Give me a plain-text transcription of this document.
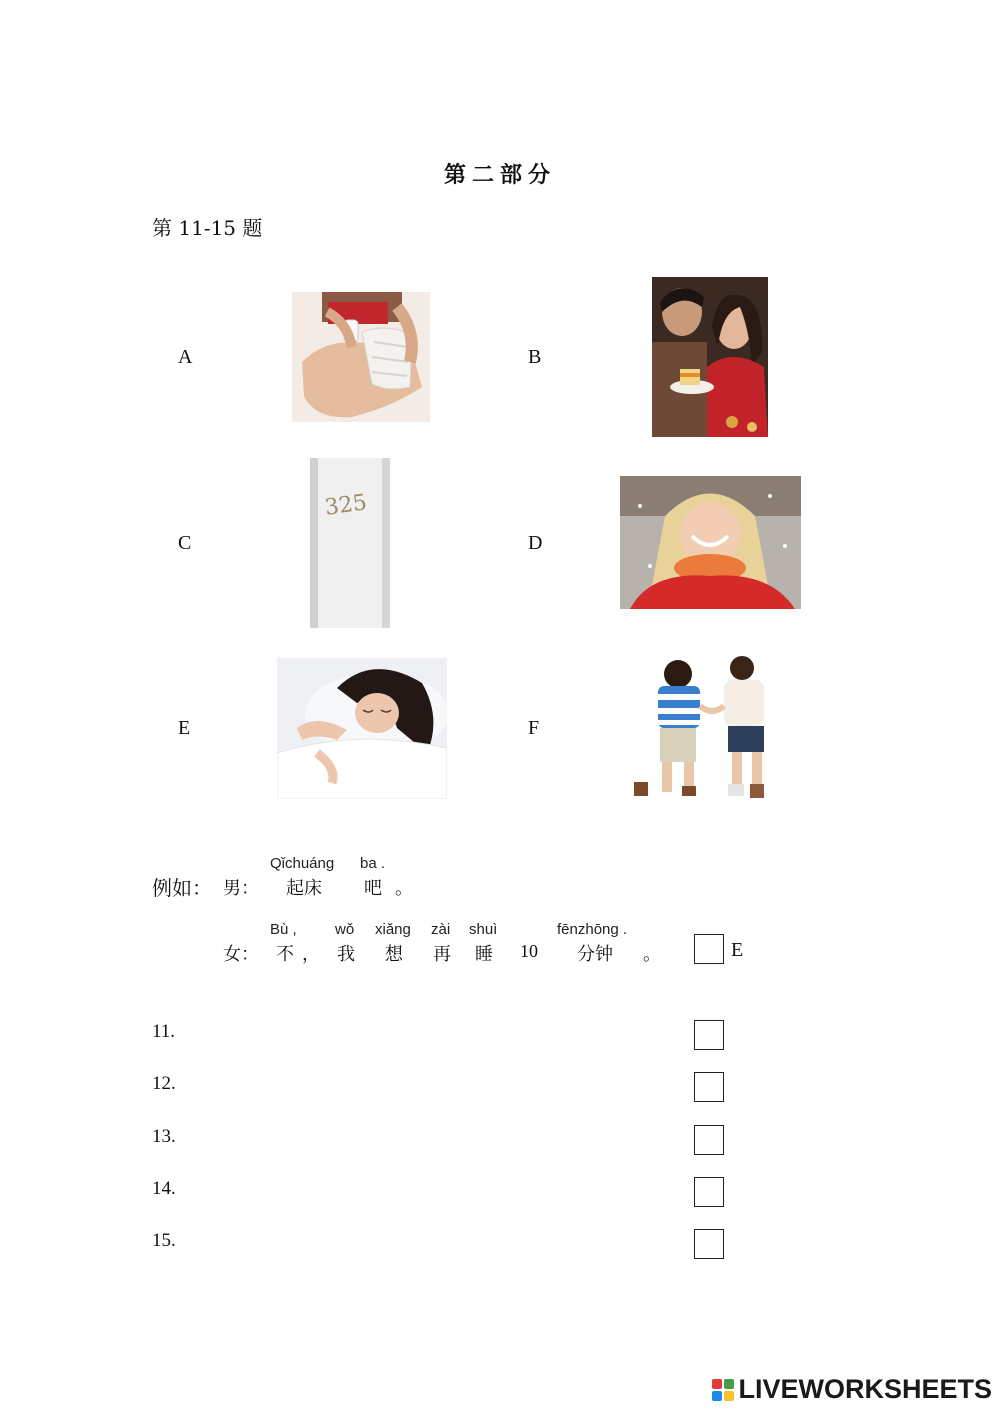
第二部分
第 11-15 题
A	B
C
325
D
E	F
例如： 男：
Qǐchuáng ba .
起床 吧 。
女：
Bù ,	wǒ xiǎng zài shuì	fēnzhōng .
不 ， 我 想 再 睡 10 分钟 。	E
11.
12.
13.
14.
15.
LIVEWORKSHEETS
